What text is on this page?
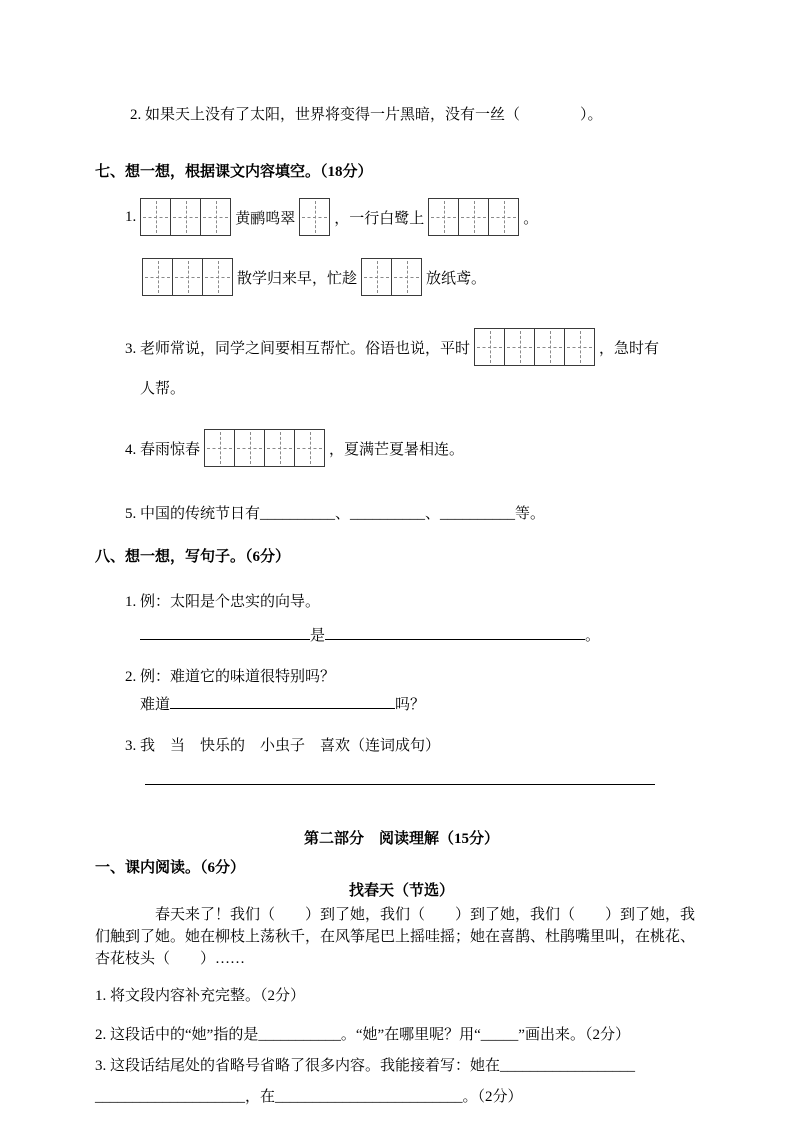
2. 如果天上没有了太阳，世界将变得一片黑暗，没有一丝（　　　　）。

七、想一想，根据课文内容填空。（18分）

1.	黄鹂鸣翠	，一行白鹭上	。
散学归来早，忙趁	放纸鸢。
3. 老师常说，同学之间要相互帮忙。俗语也说，平时	，急时有

人帮。

4. 春雨惊春	，夏满芒夏暑相连。

5. 中国的传统节日有__________、__________、__________等。

八、想一想，写句子。（6分）

1. 例：太阳是个忠实的向导。

是	。

2. 例：难道它的味道很特别吗？

难道	吗？

3. 我　当　快乐的　小虫子　喜欢（连词成句）

第二部分　阅读理解（15分）

一、课内阅读。（6分）

找春天（节选）

春天来了！我们（　　）到了她，我们（　　）到了她，我们（　　）到了她，我们触到了她。她在柳枝上荡秋千，在风筝尾巴上摇哇摇；她在喜鹊、杜鹃嘴里叫，在桃花、杏花枝头（　　）……

1. 将文段内容补充完整。（2分）

2. 这段话中的“她”指的是___________。“她”在哪里呢？用“_____”画出来。（2分）

3. 这段话结尾处的省略号省略了很多内容。我能接着写：她在__________________

____________________，在_________________________。（2分）
